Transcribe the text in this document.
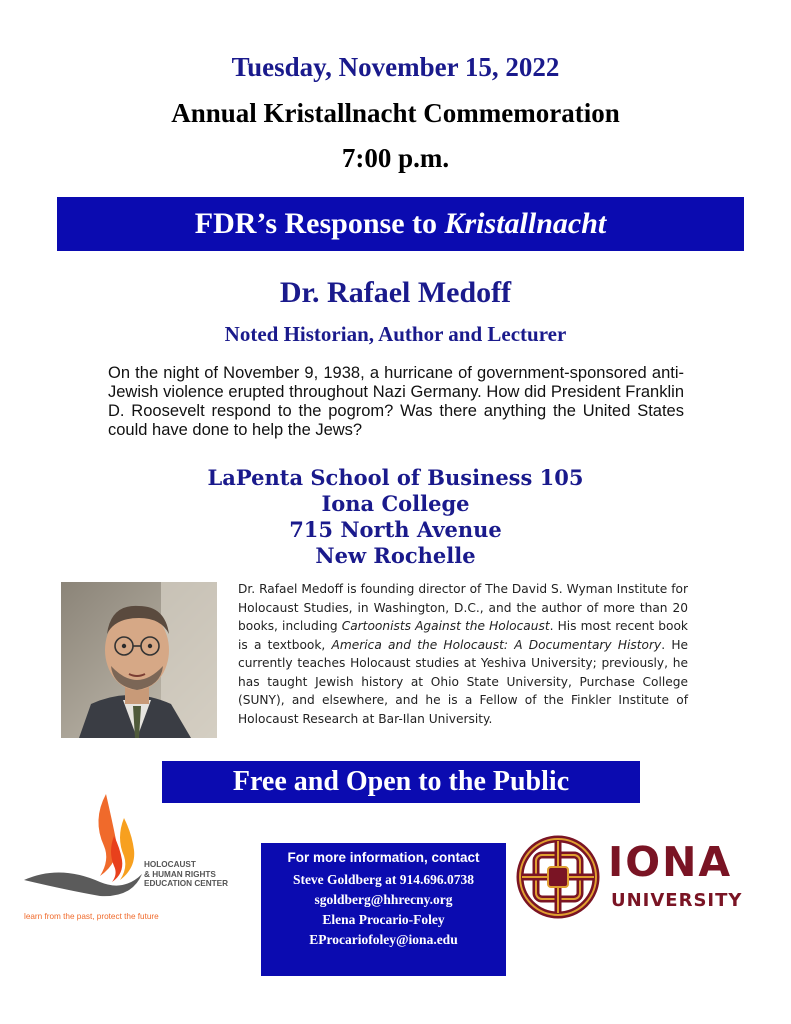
Tuesday, November 15, 2022
Annual Kristallnacht Commemoration
7:00 p.m.
FDR’s Response to Kristallnacht
Dr. Rafael Medoff
Noted Historian, Author and Lecturer
On the night of November 9, 1938, a hurricane of government-sponsored anti-Jewish violence erupted throughout Nazi Germany. How did President Franklin D. Roosevelt respond to the pogrom? Was there anything the United States could have done to help the Jews?
LaPenta School of Business 105
Iona College
715 North Avenue
New Rochelle
Dr. Rafael Medoff is founding director of The David S. Wyman Institute for Holocaust Studies, in Washington, D.C., and the author of more than 20 books, including Cartoonists Against the Holocaust. His most recent book is a textbook, America and the Holocaust: A Documentary History. He currently teaches Holocaust studies at Yeshiva University; previously, he has taught Jewish history at Ohio State University, Purchase College (SUNY), and elsewhere, and he is a Fellow of the Finkler Institute of Holocaust Research at Bar-Ilan University.
Free and Open to the Public
HOLOCAUST
& HUMAN RIGHTS
EDUCATION CENTER
learn from the past, protect the future
For more information, contact
Steve Goldberg at 914.696.0738
sgoldberg@hhrecny.org
Elena Procario-Foley
EProcariofoley@iona.edu
IONA
UNIVERSITY
